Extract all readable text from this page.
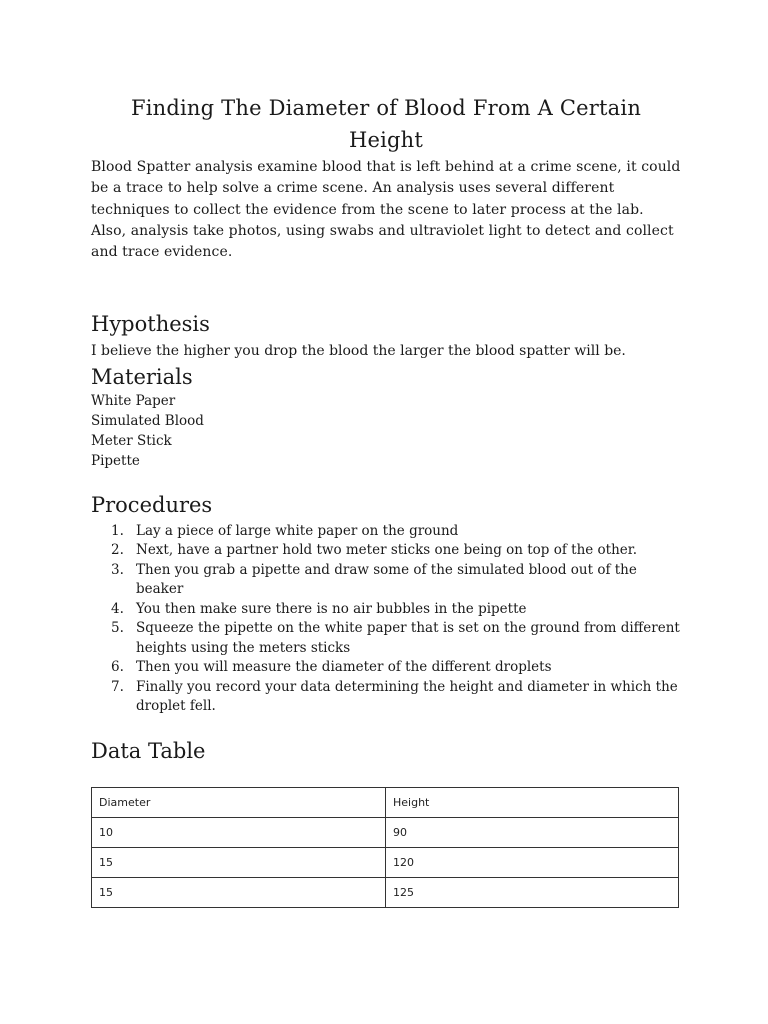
Finding The Diameter of Blood From A Certain Height

Blood Spatter analysis examine blood that is left behind at a crime scene, it could be a trace to help solve a crime scene. An analysis uses several different techniques to collect the evidence from the scene to later process at the lab. Also, analysis take photos, using swabs and ultraviolet light to detect and collect and trace evidence.

Hypothesis

I believe the higher you drop the blood the larger the blood spatter will be.

Materials
White Paper
Simulated Blood
Meter Stick
Pipette
Procedures
1. Lay a piece of large white paper on the ground
2. Next, have a partner hold two meter sticks one being on top of the other.
3. Then you grab a pipette and draw some of the simulated blood out of the beaker
4. You then make sure there is no air bubbles in the pipette
5. Squeeze the pipette on the white paper that is set on the ground from different heights using the meters sticks
6. Then you will measure the diameter of the different droplets
7. Finally you record your data determining the height and diameter in which the droplet fell.
Data Table
Diameter	Height
10	90
15	120
15	125
